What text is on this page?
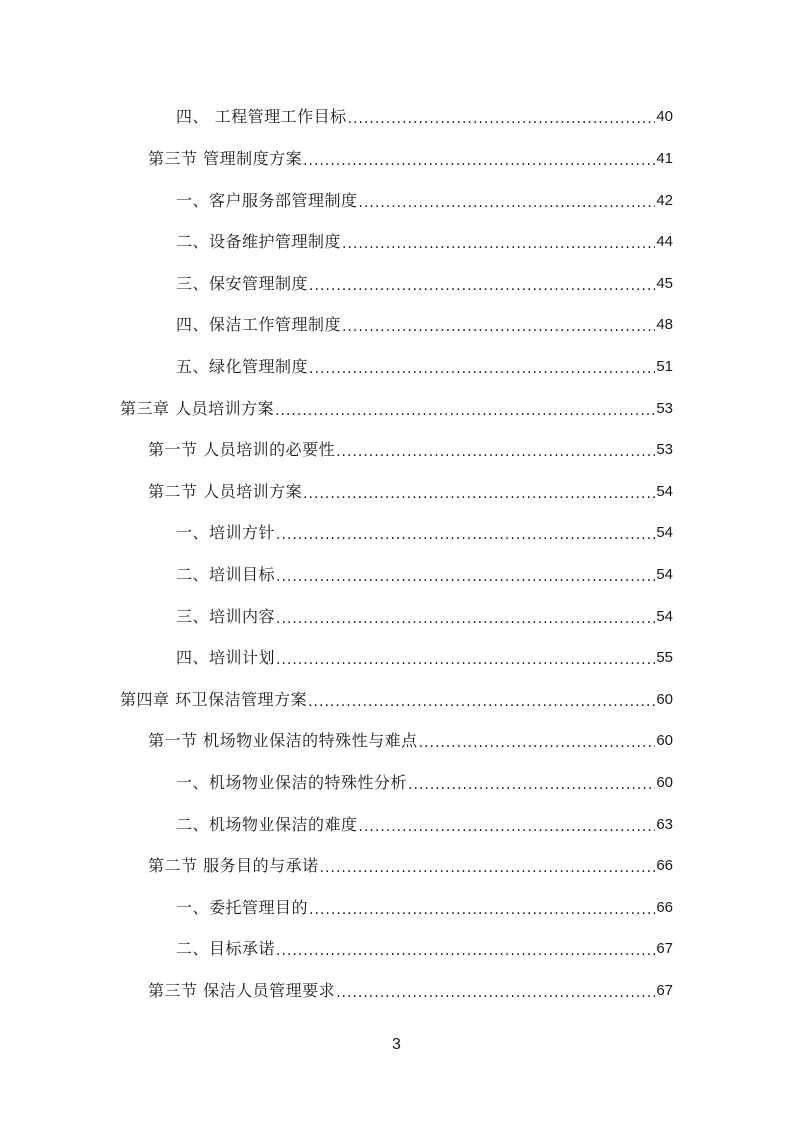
四、 工程管理工作目标 .....	40
第三节 管理制度方案 .....	41
一、客户服务部管理制度 .....	42
二、设备维护管理制度 .....	44
三、保安管理制度 .....	45
四、保洁工作管理制度 .....	48
五、绿化管理制度 .....	51
第三章 人员培训方案 .....	53
第一节 人员培训的必要性 .....	53
第二节 人员培训方案 .....	54
一、培训方针 .....	54
二、培训目标 .....	54
三、培训内容 .....	54
四、培训计划 .....	55
第四章 环卫保洁管理方案 .....	60
第一节 机场物业保洁的特殊性与难点 .....	60
一、机场物业保洁的特殊性分析 .....	60
二、机场物业保洁的难度 .....	63
第二节 服务目的与承诺 .....	66
一、委托管理目的 .....	66
二、目标承诺 .....	67
第三节 保洁人员管理要求 .....	67
3
